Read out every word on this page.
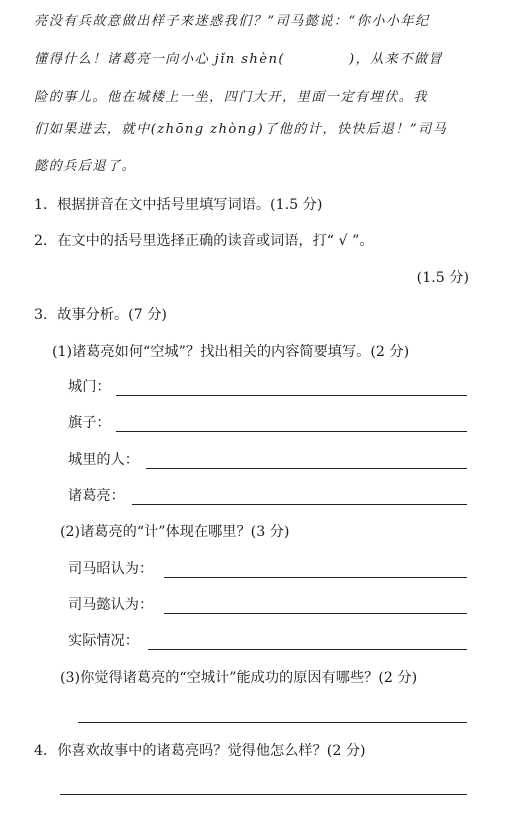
亮没有兵故意做出样子来迷惑我们？”司马懿说：“你小小年纪
懂得什么！诸葛亮一向小心 jǐn shèn(	)，从来不做冒
险的事儿。他在城楼上一坐，四门大开，里面一定有埋伏。我
们如果进去，就中(zhōng zhòng)了他的计，快快后退！”司马
懿的兵后退了。
1．根据拼音在文中括号里填写词语。(1.5 分)
2．在文中的括号里选择正确的读音或词语，打“ √ ”。
(1.5 分)
3．故事分析。(7 分)
(1)诸葛亮如何“空城”？找出相关的内容简要填写。(2 分)
城门：
旗子：
城里的人：
诸葛亮：
(2)诸葛亮的“计”体现在哪里？(3 分)
司马昭认为：
司马懿认为：
实际情况：
(3)你觉得诸葛亮的“空城计”能成功的原因有哪些？(2 分)
4．你喜欢故事中的诸葛亮吗？觉得他怎么样？(2 分)
